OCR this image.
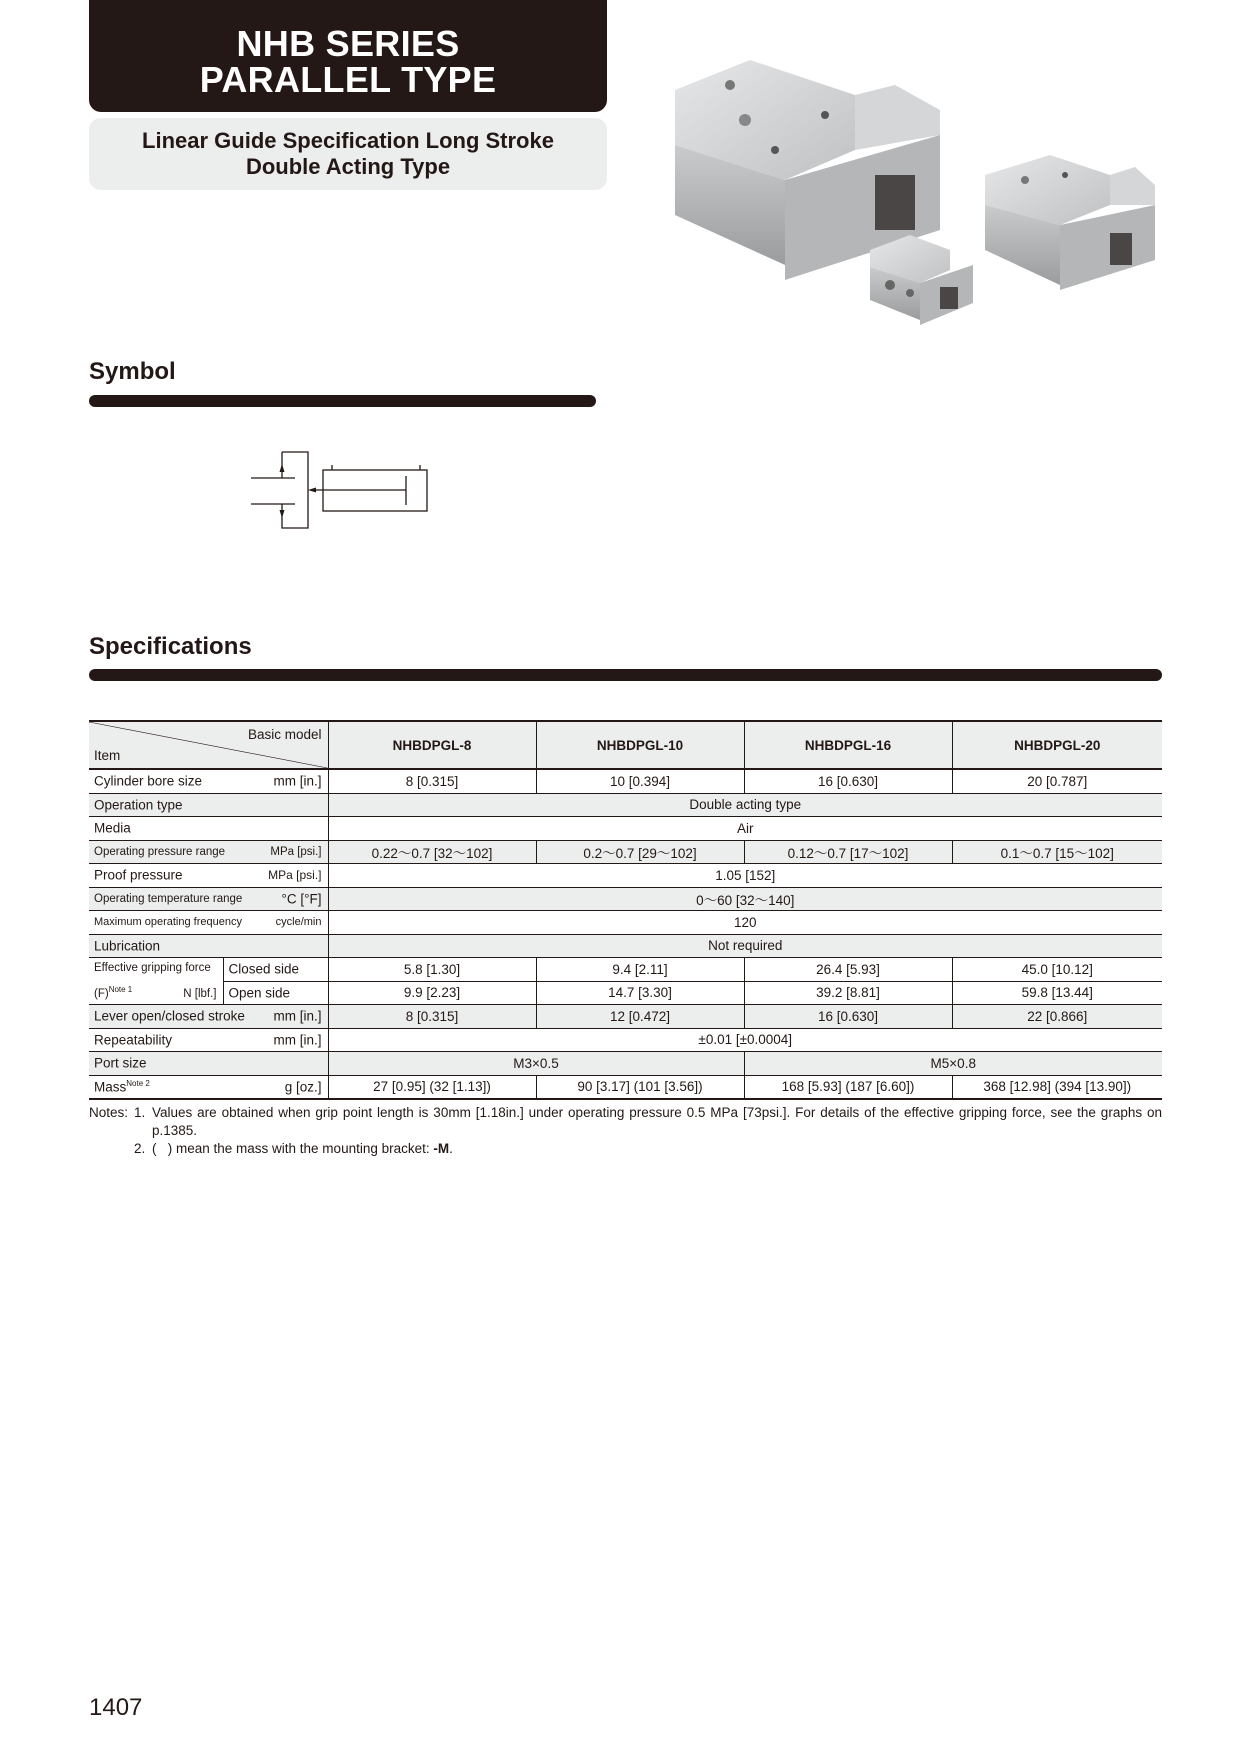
NHB SERIES
PARALLEL TYPE
Linear Guide Specification Long Stroke
Double Acting Type
Symbol
Specifications
Basic model
Item		NHBDPGL-8	NHBDPGL-10	NHBDPGL-16	NHBDPGL-20

Cylinder bore size mm [in.]		8 [0.315]	10 [0.394]	16 [0.630]	20 [0.787]

Operation type		Double acting type			

Media		Air			

Operating pressure range MPa [psi.]		0.22～0.7 [32～102]	0.2～0.7 [29～102]	0.12～0.7 [17～102]	0.1～0.7 [15～102]

Proof pressure MPa [psi.]		1.05 [152]			

Operating temperature range °C [°F]		0～60 [32～140]			

Maximum operating frequency cycle/min		120			

Lubrication		Not required			

Effective gripping force
$(F)^{Note 1}$ N [lbf.]	Closed side	5.8 [1.30]	9.4 [2.11]	26.4 [5.93]	45.0 [10.12]

	Open side	9.9 [2.23]	14.7 [3.30]	39.2 [8.81]	59.8 [13.44]

Lever open/closed stroke mm [in.]		8 [0.315]	12 [0.472]	16 [0.630]	22 [0.866]

Repeatability mm [in.]		±0.01 [±0.0004]			

Port size		M3×0.5		M5×0.8	

Mass$^{Note 2}$ g [oz.]		27 [0.95] (32 [1.13])	90 [3.17] (101 [3.56])	168 [5.93] (187 [6.60])	368 [12.98] (394 [13.90])
Notes: 1. Values are obtained when grip point length is 30mm [1.18in.] under operating pressure 0.5 MPa [73psi.]. For details of the effective gripping force, see the graphs on p.1385.
2. (   ) mean the mass with the mounting bracket: -M.
1407
